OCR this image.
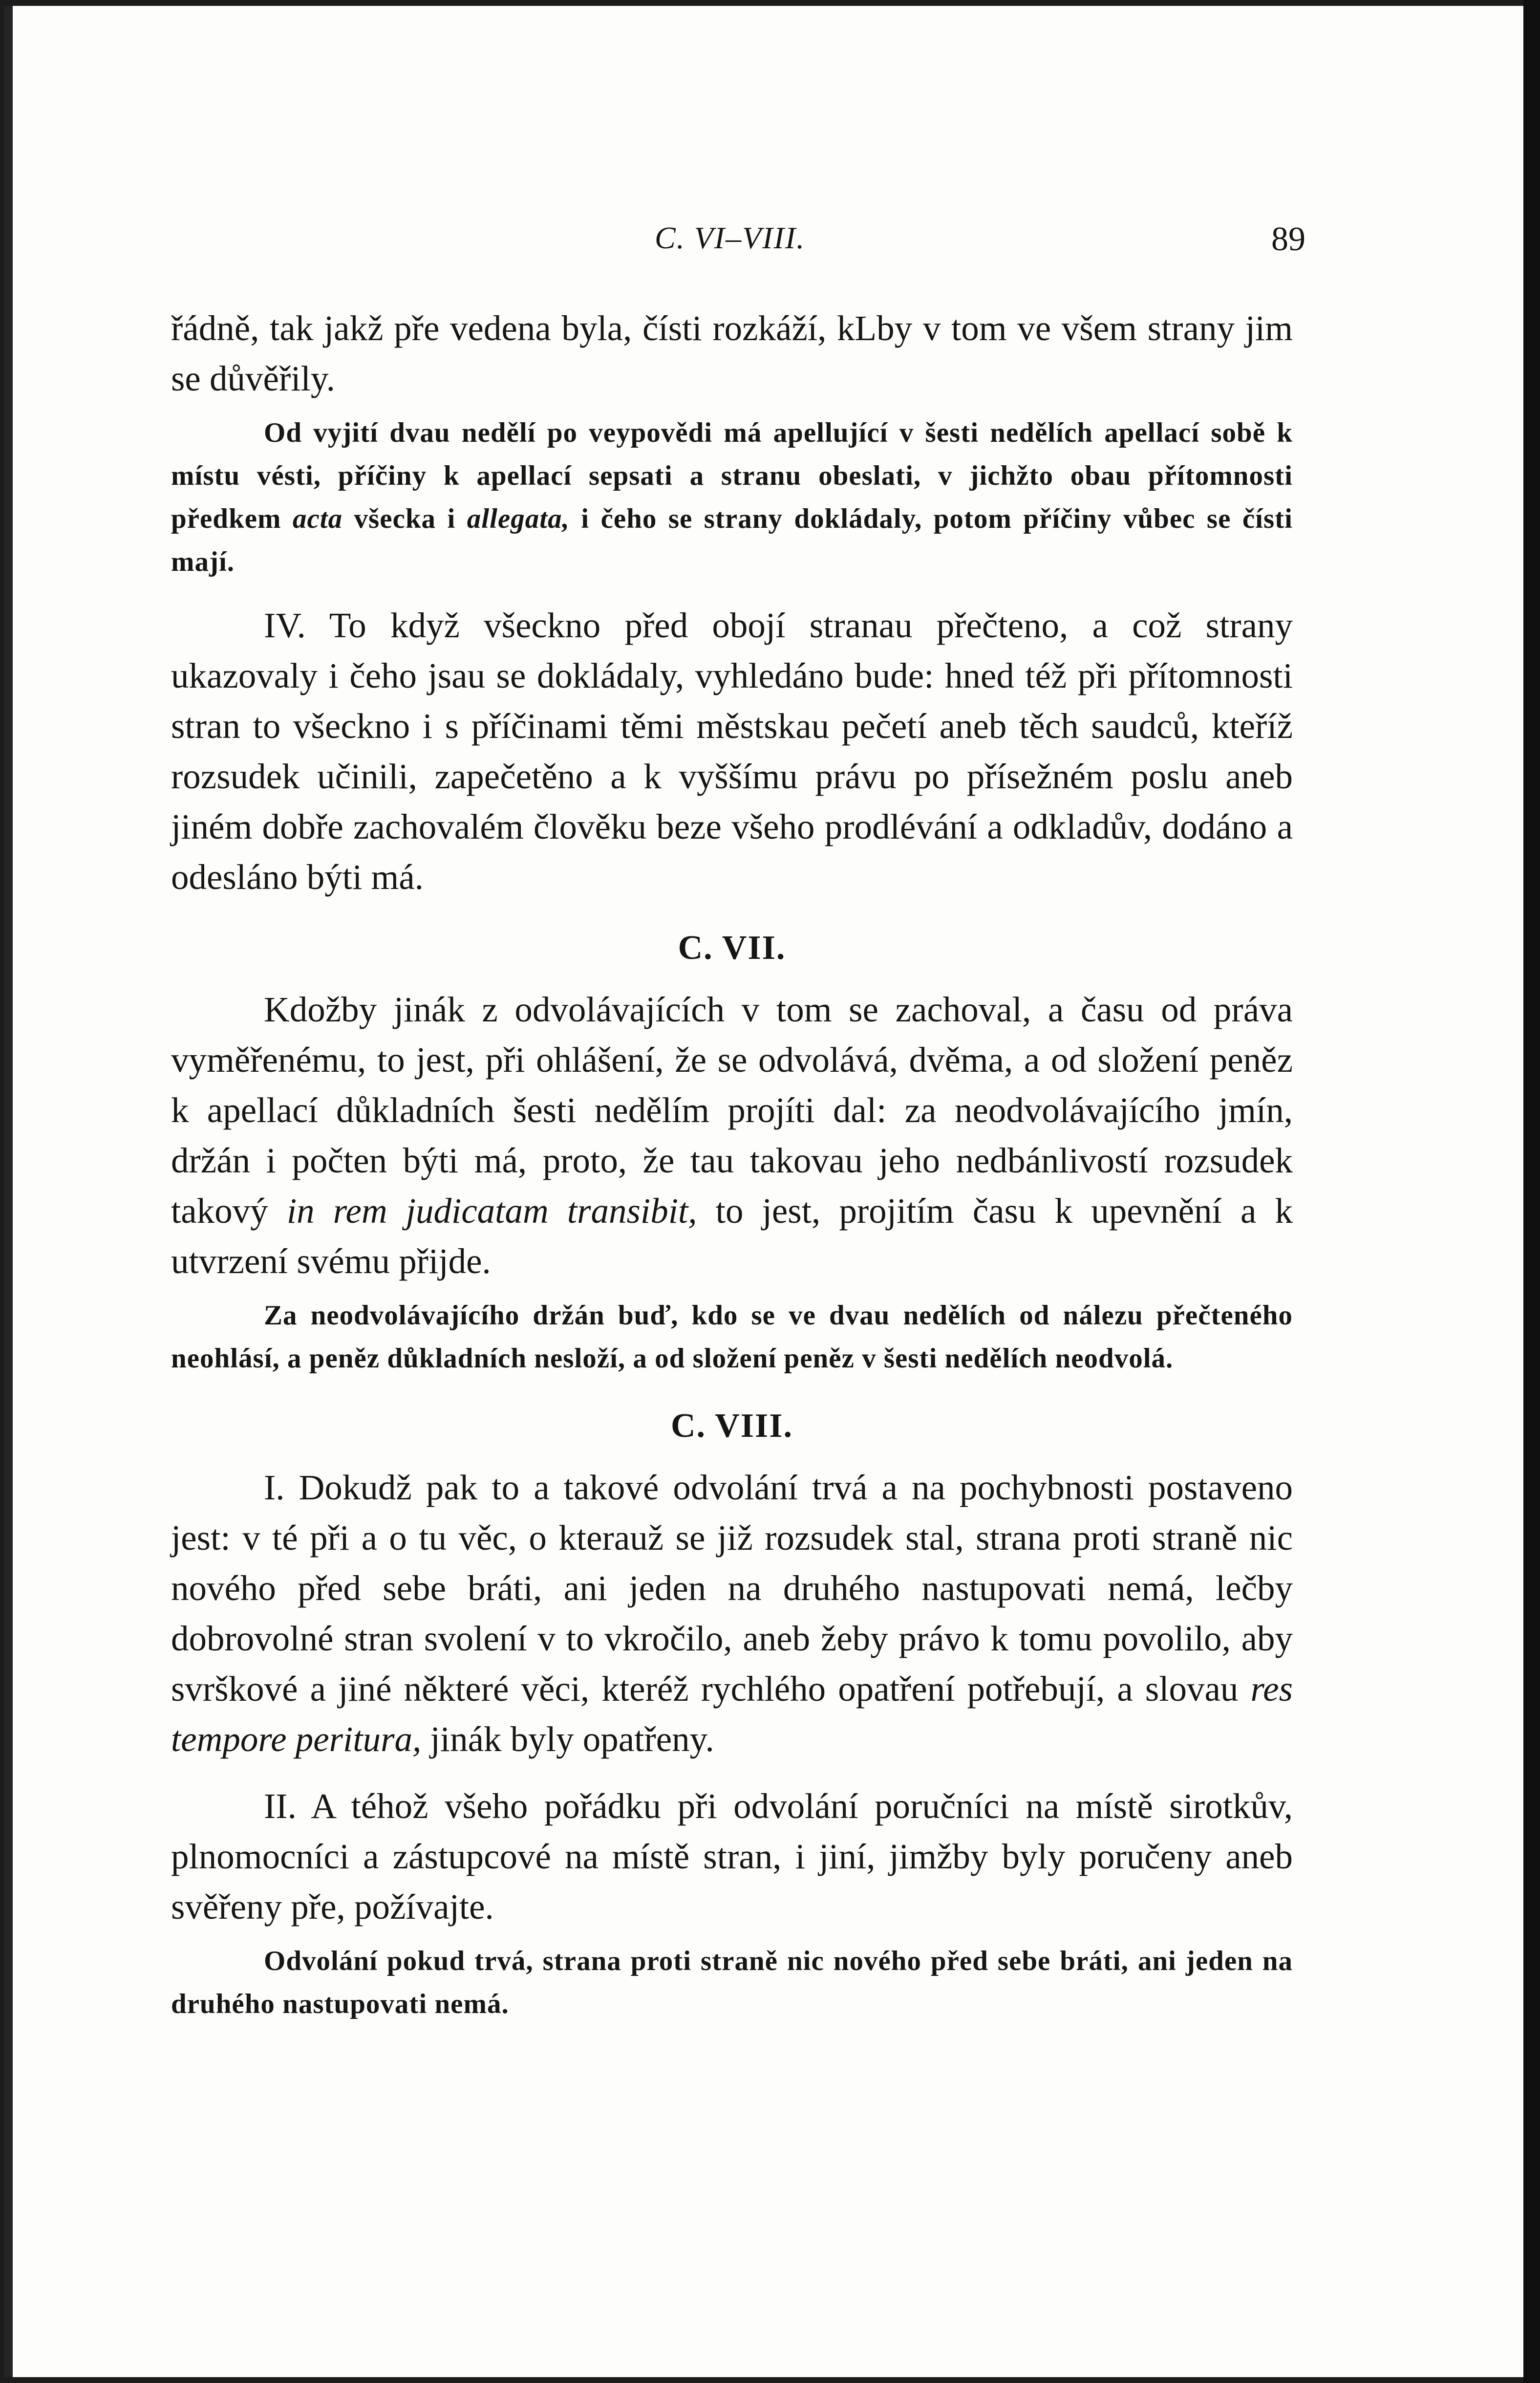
C. VI–VIII.	89

řádně, tak jakž pře vedena byla, čísti rozkáží, kLby v tom ve všem strany jim se důvěřily.

Od vyjití dvau nedělí po veypovědi má apellující v šesti nedělích apellací sobě k místu vésti, příčiny k apellací sepsati a stranu obeslati, v jichžto obau přítomnosti předkem acta všecka i allegata, i čeho se strany dokládaly, potom příčiny vůbec se čísti mají.

IV. To když všeckno před obojí stranau přečteno, a což strany ukazovaly i čeho jsau se dokládaly, vyhledáno bude: hned též při přítomnosti stran to všeckno i s příčinami těmi městskau pečetí aneb těch saudců, kteříž rozsudek učinili, zapečetěno a k vyššímu právu po přísežném poslu aneb jiném dobře zachovalém člověku beze všeho prodlévání a odkladův, dodáno a odesláno býti má.

C. VII.

Kdožby jinák z odvolávajících v tom se zachoval, a času od práva vyměřenému, to jest, při ohlášení, že se odvolává, dvěma, a od složení peněz k apellací důkladních šesti nedělím projíti dal: za neodvolávajícího jmín, držán i počten býti má, proto, že tau takovau jeho nedbánlivostí rozsudek takový in rem judicatam transibit, to jest, projitím času k upevnění a k utvrzení svému přijde.

Za neodvolávajícího držán buď, kdo se ve dvau nedělích od nálezu přečteného neohlásí, a peněz důkladních nesloží, a od složení peněz v šesti nedělích neodvolá.

C. VIII.

I. Dokudž pak to a takové odvolání trvá a na pochybnosti postaveno jest: v té při a o tu věc, o kterauž se již rozsudek stal, strana proti straně nic nového před sebe bráti, ani jeden na druhého nastupovati nemá, lečby dobrovolné stran svolení v to vkročilo, aneb žeby právo k tomu povolilo, aby svrškové a jiné některé věci, kteréž rychlého opatření potřebují, a slovau res tempore peritura, jinák byly opatřeny.

II. A téhož všeho pořádku při odvolání poručníci na místě sirotkův, plnomocníci a zástupcové na místě stran, i jiní, jimžby byly poručeny aneb svěřeny pře, požívajte.

Odvolání pokud trvá, strana proti straně nic nového před sebe bráti, ani jeden na druhého nastupovati nemá.
